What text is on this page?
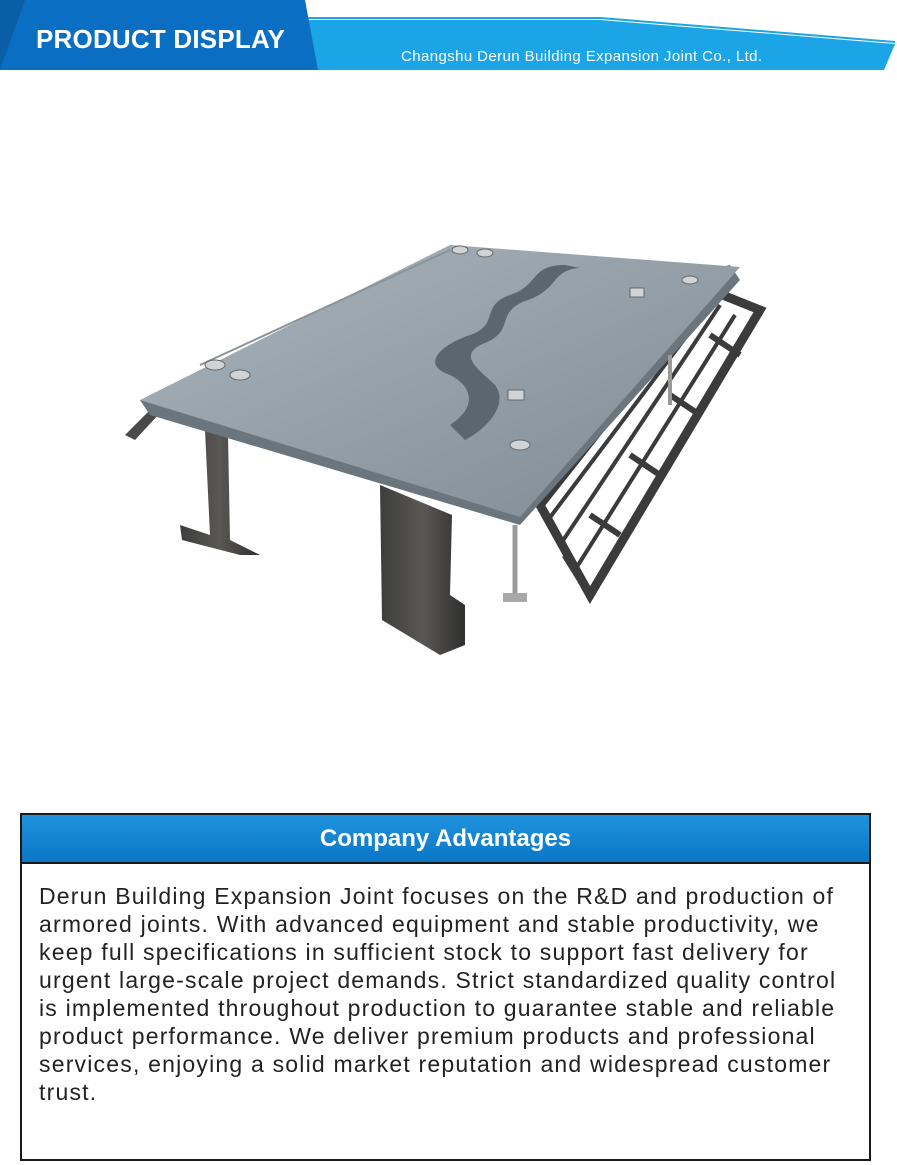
PRODUCT DISPLAY
Changshu Derun Building Expansion Joint Co., Ltd.
Company Advantages
Derun Building Expansion Joint focuses on the R&D and production of armored joints. With advanced equipment and stable productivity, we keep full specifications in sufficient stock to support fast delivery for urgent large-scale project demands. Strict standardized quality control is implemented throughout production to guarantee stable and reliable product performance. We deliver premium products and professional services, enjoying a solid market reputation and widespread customer trust.
